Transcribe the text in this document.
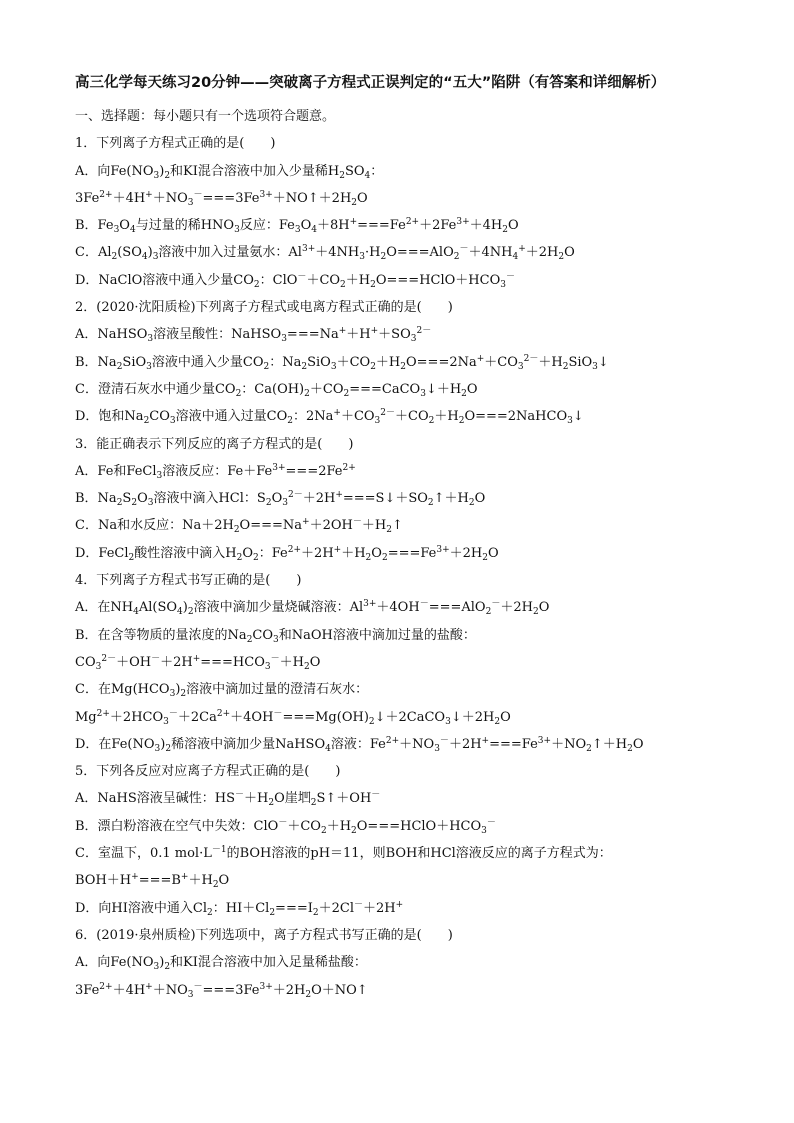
高三化学每天练习20分钟——突破离子方程式正误判定的“五大”陷阱（有答案和详细解析）
一、选择题：每小题只有一个选项符合题意。
1．下列离子方程式正确的是(　　)
A．向$Fe(NO_3)_2$和KI混合溶液中加入少量稀$H_2SO_4$：
$3Fe^{2+}+4H^++NO_3^-===3Fe^{3+}+NO↑+2H_2O$
B．$Fe_3O_4$与过量的稀$HNO_3$反应：$Fe_3O_4+8H^+===Fe^{2+}+2Fe^{3+}+4H_2O$
C．$Al_2(SO_4)_3$溶液中加入过量氨水：$Al^{3+}+4NH_3\cdot H_2O===AlO_2^-+4NH_4^++2H_2O$
D．NaClO溶液中通入少量$CO_2$：$ClO^-+CO_2+H_2O===HClO+HCO_3^-$
2．(2020·沈阳质检)下列离子方程式或电离方程式正确的是(　　)
A．NaHSO$_3$溶液呈酸性：$NaHSO_3===Na^++H^++SO_3^{2-}$
B．$Na_2SiO_3$溶液中通入少量$CO_2$：$Na_2SiO_3+CO_2+H_2O===2Na^++CO_3^{2-}+H_2SiO_3↓$
C．澄清石灰水中通少量$CO_2$：$Ca(OH)_2+CO_2===CaCO_3↓+H_2O$
D．饱和$Na_2CO_3$溶液中通入过量$CO_2$：$2Na^++CO_3^{2-}+CO_2+H_2O===2NaHCO_3↓$
3．能正确表示下列反应的离子方程式的是(　　)
A．Fe和FeCl$_3$溶液反应：$Fe+Fe^{3+}===2Fe^{2+}$
B．$Na_2S_2O_3$溶液中滴入HCl：$S_2O_3^{2-}+2H^+===S↓+SO_2↑+H_2O$
C．Na和水反应：$Na+2H_2O===Na^++2OH^-+H_2↑$
D．FeCl$_2$酸性溶液中滴入$H_2O_2$：$Fe^{2+}+2H^++H_2O_2===Fe^{3+}+2H_2O$
4．下列离子方程式书写正确的是(　　)
A．在$NH_4Al(SO_4)_2$溶液中滴加少量烧碱溶液：$Al^{3+}+4OH^-===AlO_2^-+2H_2O$
B．在含等物质的量浓度的$Na_2CO_3$和NaOH溶液中滴加过量的盐酸：
$CO_3^{2-}+OH^-+2H^+===HCO_3^-+H_2O$
C．在$Mg(HCO_3)_2$溶液中滴加过量的澄清石灰水：
$Mg^{2+}+2HCO_3^-+2Ca^{2+}+4OH^-===Mg(OH)_2↓+2CaCO_3↓+2H_2O$
D．在$Fe(NO_3)_2$稀溶液中滴加少量NaHSO$_4$溶液：$Fe^{2+}+NO_3^-+2H^+===Fe^{3+}+NO_2↑+H_2O$
5．下列各反应对应离子方程式正确的是(　　)
A．NaHS溶液呈碱性：$HS^-+H_2O$崖垇$_2$S↑＋OH－
B．漂白粉溶液在空气中失效：$ClO^-+CO_2+H_2O===HClO+HCO_3^-$
C．室温下，0.1 $mol\cdot L^{-1}$的BOH溶液的pH＝11，则BOH和HCl溶液反应的离子方程式为：
$BOH+H^+===B^++H_2O$
D．向HI溶液中通入$Cl_2$：$HI+Cl_2===I_2+2Cl^-+2H^+$
6．(2019·泉州质检)下列选项中，离子方程式书写正确的是(　　)
A．向$Fe(NO_3)_2$和KI混合溶液中加入足量稀盐酸：
$3Fe^{2+}+4H^++NO_3^-===3Fe^{3+}+2H_2O+NO↑$
